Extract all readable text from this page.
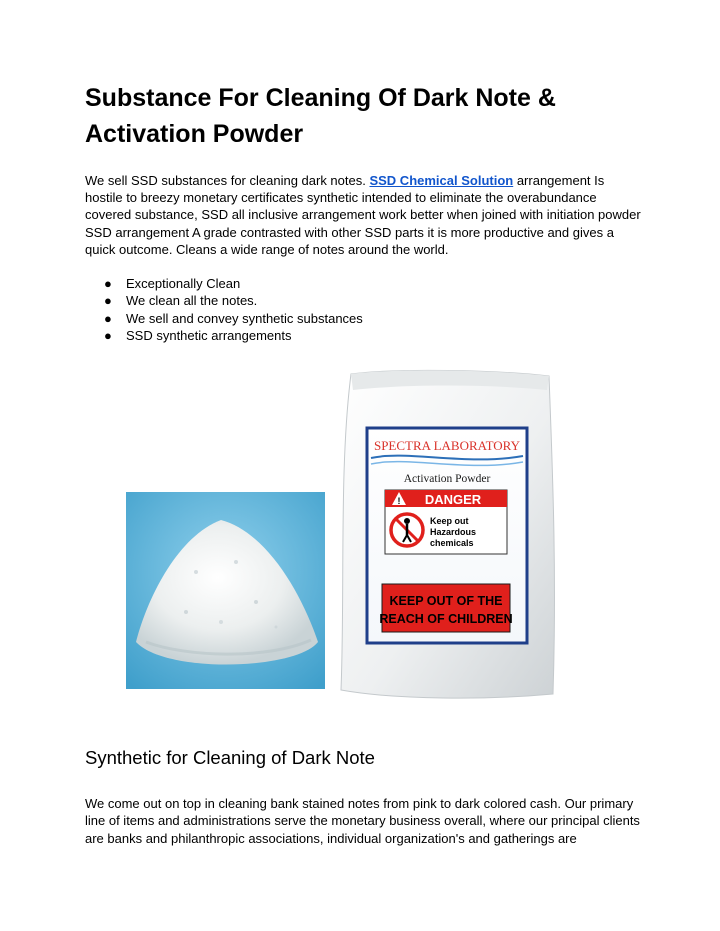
Substance For Cleaning Of Dark Note & Activation Powder

We sell SSD substances for cleaning dark notes. SSD Chemical Solution arrangement Is hostile to breezy monetary certificates synthetic intended to eliminate the overabundance covered substance, SSD all inclusive arrangement work better when joined with initiation powder SSD arrangement A grade contrasted with other SSD parts it is more productive and gives a quick outcome. Cleans a wide range of notes around the world.

● Exceptionally Clean
● We clean all the notes.
● We sell and convey synthetic substances
● SSD synthetic arrangements
SPECTRA LABORATORY
Activation Powder
! DANGER
Keep out
Hazardous
chemicals
KEEP OUT OF THE
REACH OF CHILDREN
Synthetic for Cleaning of Dark Note

We come out on top in cleaning bank stained notes from pink to dark colored cash. Our primary line of items and administrations serve the monetary business overall, where our principal clients are banks and philanthropic associations, individual organization's and gatherings are
